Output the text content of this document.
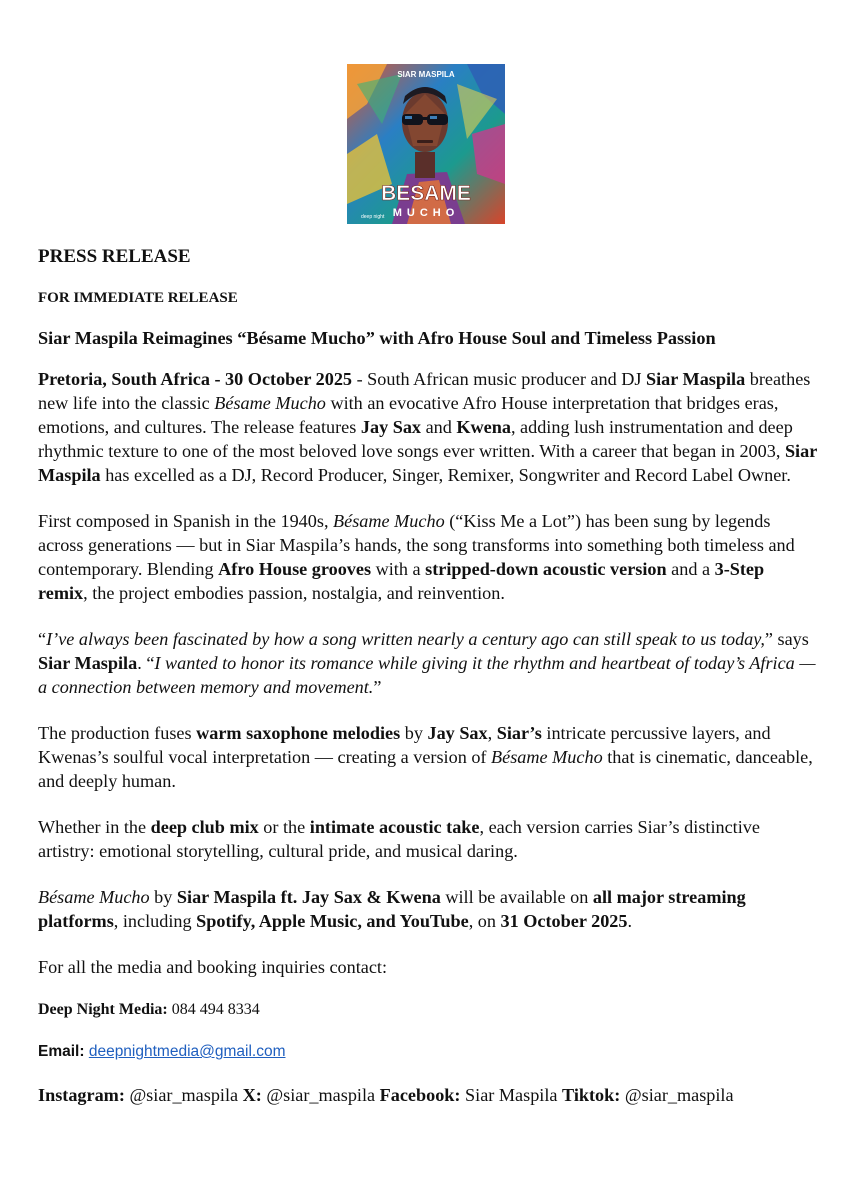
SIAR MASPILA
BESAME
MUCHO
deep night

PRESS RELEASE

FOR IMMEDIATE RELEASE

Siar Maspila Reimagines “Bésame Mucho” with Afro House Soul and Timeless Passion

Pretoria, South Africa - 30 October 2025 - South African music producer and DJ Siar Maspila breathes new life into the classic Bésame Mucho with an evocative Afro House interpretation that bridges eras, emotions, and cultures. The release features Jay Sax and Kwena, adding lush instrumentation and deep rhythmic texture to one of the most beloved love songs ever written. With a career that began in 2003, Siar Maspila has excelled as a DJ, Record Producer, Singer, Remixer, Songwriter and Record Label Owner.

First composed in Spanish in the 1940s, Bésame Mucho (“Kiss Me a Lot”) has been sung by legends across generations — but in Siar Maspila’s hands, the song transforms into something both timeless and contemporary. Blending Afro House grooves with a stripped-down acoustic version and a 3-Step remix, the project embodies passion, nostalgia, and reinvention.

“I’ve always been fascinated by how a song written nearly a century ago can still speak to us today,” says Siar Maspila. “I wanted to honor its romance while giving it the rhythm and heartbeat of today’s Africa — a connection between memory and movement.”

The production fuses warm saxophone melodies by Jay Sax, Siar’s intricate percussive layers, and Kwenas’s soulful vocal interpretation — creating a version of Bésame Mucho that is cinematic, danceable, and deeply human.

Whether in the deep club mix or the intimate acoustic take, each version carries Siar’s distinctive artistry: emotional storytelling, cultural pride, and musical daring.

Bésame Mucho by Siar Maspila ft. Jay Sax & Kwena will be available on all major streaming platforms, including Spotify, Apple Music, and YouTube, on 31 October 2025.

For all the media and booking inquiries contact:

Deep Night Media: 084 494 8334

Email: deepnightmedia@gmail.com

Instagram: @siar_maspila X: @siar_maspila Facebook: Siar Maspila Tiktok: @siar_maspila
